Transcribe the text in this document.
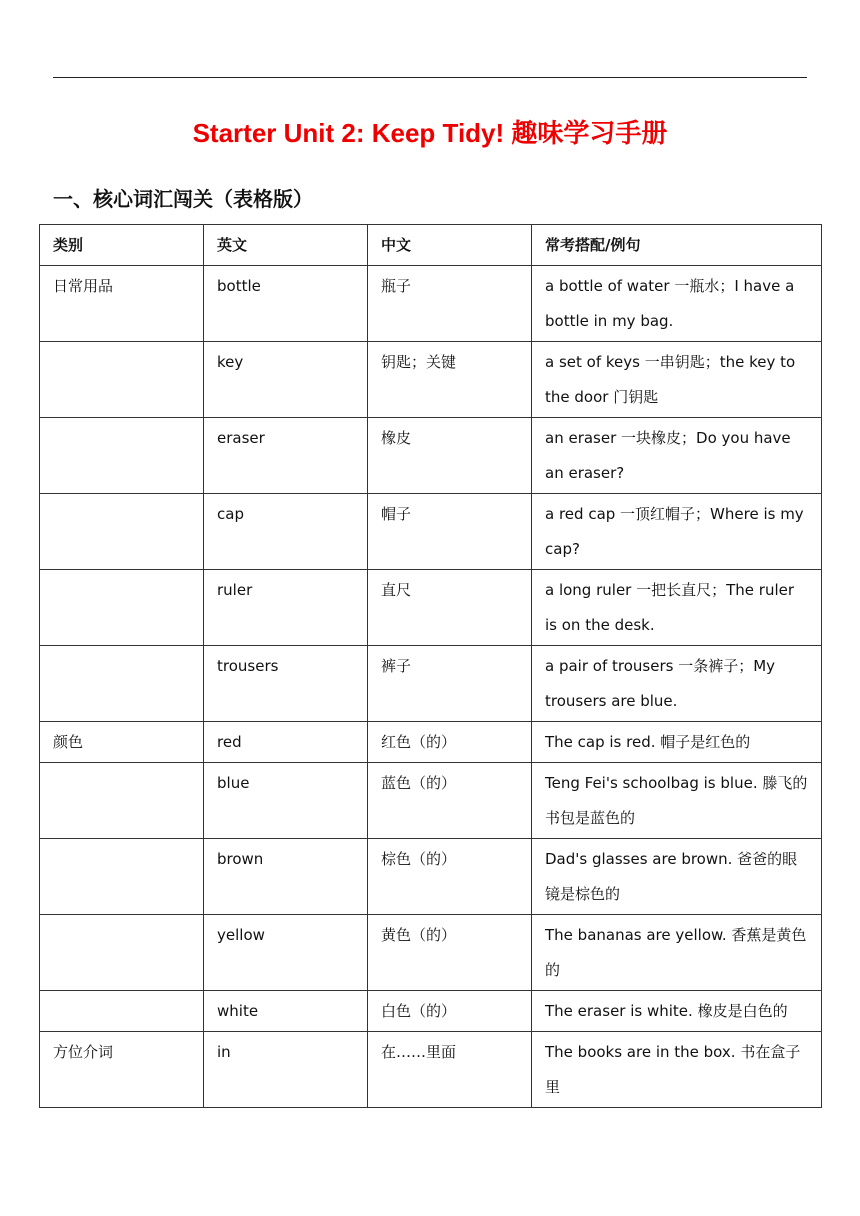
Starter Unit 2: Keep Tidy! 趣味学习手册
一、核心词汇闯关（表格版）
类别	英文	中文	常考搭配/例句
日常用品	bottle	瓶子	a bottle of water 一瓶水；I have a bottle in my bag.
	key	钥匙；关键	a set of keys 一串钥匙；the key to the door 门钥匙
	eraser	橡皮	an eraser 一块橡皮；Do you have an eraser?
	cap	帽子	a red cap 一顶红帽子；Where is my cap?
	ruler	直尺	a long ruler 一把长直尺；The ruler is on the desk.
	trousers	裤子	a pair of trousers 一条裤子；My trousers are blue.
颜色	red	红色（的）	The cap is red. 帽子是红色的
	blue	蓝色（的）	Teng Fei's schoolbag is blue. 滕飞的书包是蓝色的
	brown	棕色（的）	Dad's glasses are brown. 爸爸的眼镜是棕色的
	yellow	黄色（的）	The bananas are yellow. 香蕉是黄色的
	white	白色（的）	The eraser is white. 橡皮是白色的
方位介词	in	在……里面	The books are in the box. 书在盒子里
